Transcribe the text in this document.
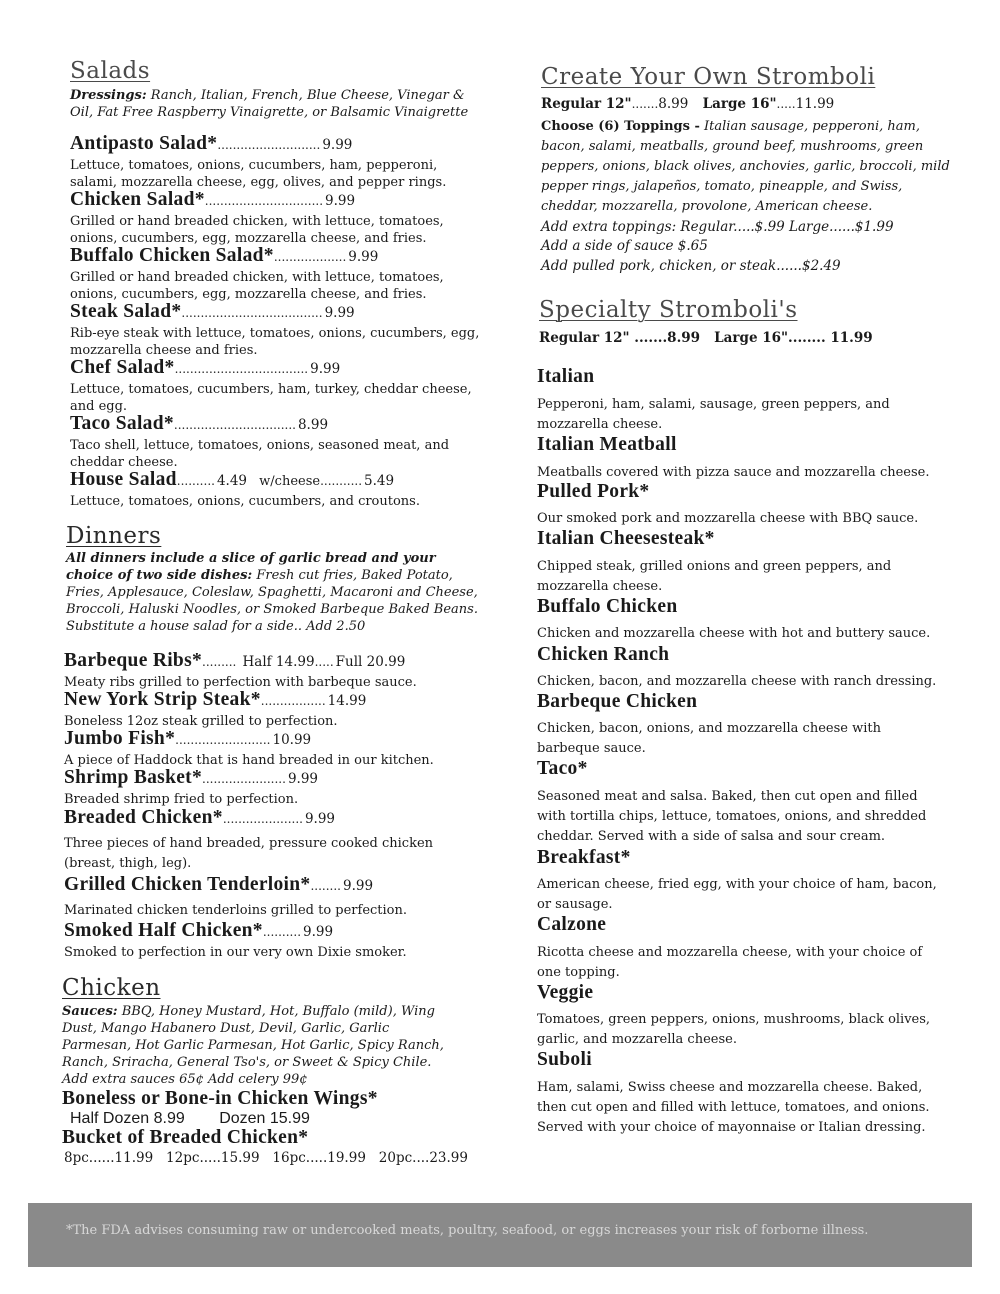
Salads

Dressings: Ranch, Italian, French, Blue Cheese, Vinegar & Oil, Fat Free Raspberry Vinaigrette, or Balsamic Vinaigrette

Antipasto Salad*........................... 9.99

Lettuce, tomatoes, onions, cucumbers, ham, pepperoni, salami, mozzarella cheese, egg, olives, and pepper rings.

Chicken Salad*............................... 9.99

Grilled or hand breaded chicken, with lettuce, tomatoes, onions, cucumbers, egg, mozzarella cheese, and fries.

Buffalo Chicken Salad*................... 9.99

Grilled or hand breaded chicken, with lettuce, tomatoes, onions, cucumbers, egg, mozzarella cheese, and fries.

Steak Salad*..................................... 9.99

Rib-eye steak with lettuce, tomatoes, onions, cucumbers, egg, mozzarella cheese and fries.

Chef Salad*................................... 9.99

Lettuce, tomatoes, cucumbers, ham, turkey, cheddar cheese, and egg.

Taco Salad*................................ 8.99

Taco shell, lettuce, tomatoes, onions, seasoned meat, and cheddar cheese.

House Salad.......... 4.49 w/cheese........... 5.49

Lettuce, tomatoes, onions, cucumbers, and croutons.

Dinners

All dinners include a slice of garlic bread and your choice of two side dishes: Fresh cut fries, Baked Potato, Fries, Applesauce, Coleslaw, Spaghetti, Macaroni and Cheese, Broccoli, Haluski Noodles, or Smoked Barbeque Baked Beans. Substitute a house salad for a side.. Add 2.50

Barbeque Ribs*......... Half 14.99..... Full 20.99

Meaty ribs grilled to perfection with barbeque sauce.

New York Strip Steak*................. 14.99

Boneless 12oz steak grilled to perfection.

Jumbo Fish*......................... 10.99

A piece of Haddock that is hand breaded in our kitchen.

Shrimp Basket*...................... 9.99

Breaded shrimp fried to perfection.

Breaded Chicken*..................... 9.99

Three pieces of hand breaded, pressure cooked chicken (breast, thigh, leg).

Grilled Chicken Tenderloin*........ 9.99

Marinated chicken tenderloins grilled to perfection.

Smoked Half Chicken*.......... 9.99

Smoked to perfection in our very own Dixie smoker.

Chicken

Sauces: BBQ, Honey Mustard, Hot, Buffalo (mild), Wing Dust, Mango Habanero Dust, Devil, Garlic, Garlic Parmesan, Hot Garlic Parmesan, Hot Garlic, Spicy Ranch, Ranch, Sriracha, General Tso's, or Sweet & Spicy Chile.

Add extra sauces 65¢ Add celery 99¢

Boneless or Bone-in Chicken Wings*
Half Dozen 8.99 Dozen 15.99
Bucket of Breaded Chicken*
8pc......11.99   12pc.....15.99   16pc.....19.99   20pc....23.99
Create Your Own Stromboli
Regular 12".......8.99 Large 16".....11.99

Choose (6) Toppings - Italian sausage, pepperoni, ham, bacon, salami, meatballs, ground beef, mushrooms, green peppers, onions, black olives, anchovies, garlic, broccoli, mild pepper rings, jalapeños, tomato, pineapple, and Swiss, cheddar, mozzarella, provolone, American cheese.

Add extra toppings: Regular.....$.99 Large......$1.99

Add a side of sauce $.65

Add pulled pork, chicken, or steak......$2.49

Specialty Stromboli's
Regular 12" .......8.99   Large 16"........ 11.99
Italian

Pepperoni, ham, salami, sausage, green peppers, and mozzarella cheese.

Italian Meatball

Meatballs covered with pizza sauce and mozzarella cheese.

Pulled Pork*

Our smoked pork and mozzarella cheese with BBQ sauce.

Italian Cheesesteak*

Chipped steak, grilled onions and green peppers, and mozzarella cheese.

Buffalo Chicken

Chicken and mozzarella cheese with hot and buttery sauce.

Chicken Ranch

Chicken, bacon, and mozzarella cheese with ranch dressing.

Barbeque Chicken

Chicken, bacon, onions, and mozzarella cheese with barbeque sauce.

Taco*

Seasoned meat and salsa. Baked, then cut open and filled with tortilla chips, lettuce, tomatoes, onions, and shredded cheddar. Served with a side of salsa and sour cream.

Breakfast*

American cheese, fried egg, with your choice of ham, bacon, or sausage.

Calzone

Ricotta cheese and mozzarella cheese, with your choice of one topping.

Veggie

Tomatoes, green peppers, onions, mushrooms, black olives, garlic, and mozzarella cheese.

Suboli

Ham, salami, Swiss cheese and mozzarella cheese. Baked, then cut open and filled with lettuce, tomatoes, and onions. Served with your choice of mayonnaise or Italian dressing.

*The FDA advises consuming raw or undercooked meats, poultry, seafood, or eggs increases your risk of forborne illness.
